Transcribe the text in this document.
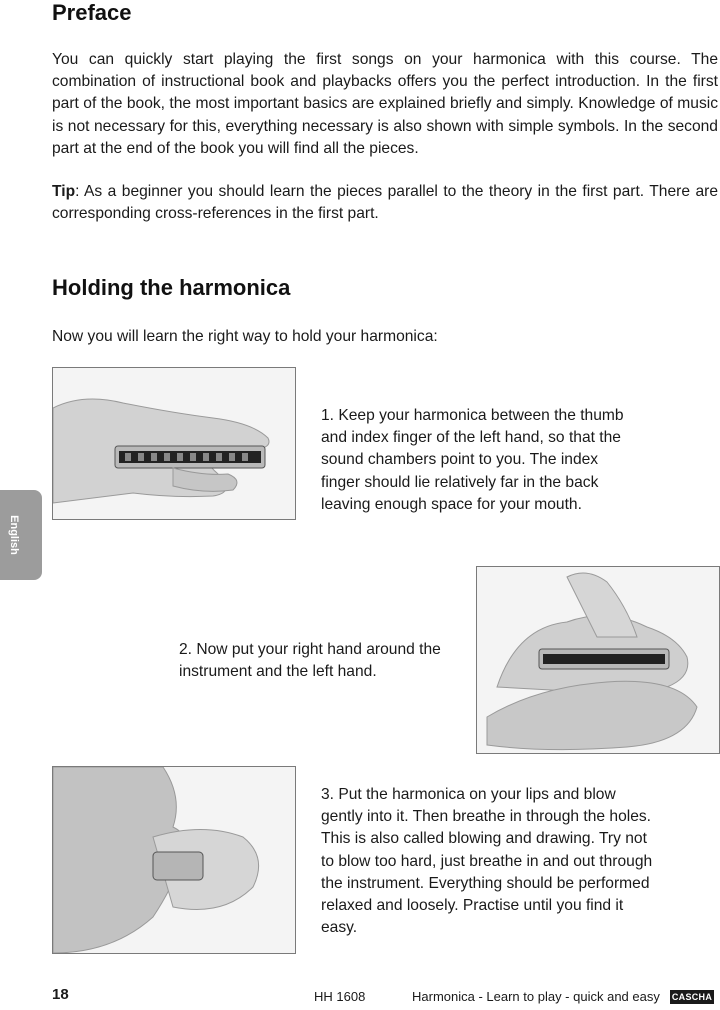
Preface

You can quickly start playing the first songs on your harmonica with this course. The combination of instructional book and playbacks offers you the perfect introduction. In the first part of the book, the most important basics are explained briefly and simply. Knowledge of music is not necessary for this, everything necessary is also shown with simple symbols. In the second part at the end of the book you will find all the pieces.

Tip: As a beginner you should learn the pieces parallel to the theory in the first part. There are corresponding cross-references in the first part.

Holding the harmonica

Now you will learn the right way to hold your harmonica:

1. Keep your harmonica between the thumb and index finger of the left hand, so that the sound chambers point to you. The index finger should lie relatively far in the back leaving enough space for your mouth.

2. Now put your right hand around the instrument and the left hand.

3. Put the harmonica on your lips and blow gently into it. Then breathe in through the holes. This is also called blowing and drawing. Try not to blow too hard, just breathe in and out through the instrument. Everything should be performed relaxed and loosely. Practise until you find it easy.

English
18	HH 1608	Harmonica - Learn to play - quick and easy CASCHA
